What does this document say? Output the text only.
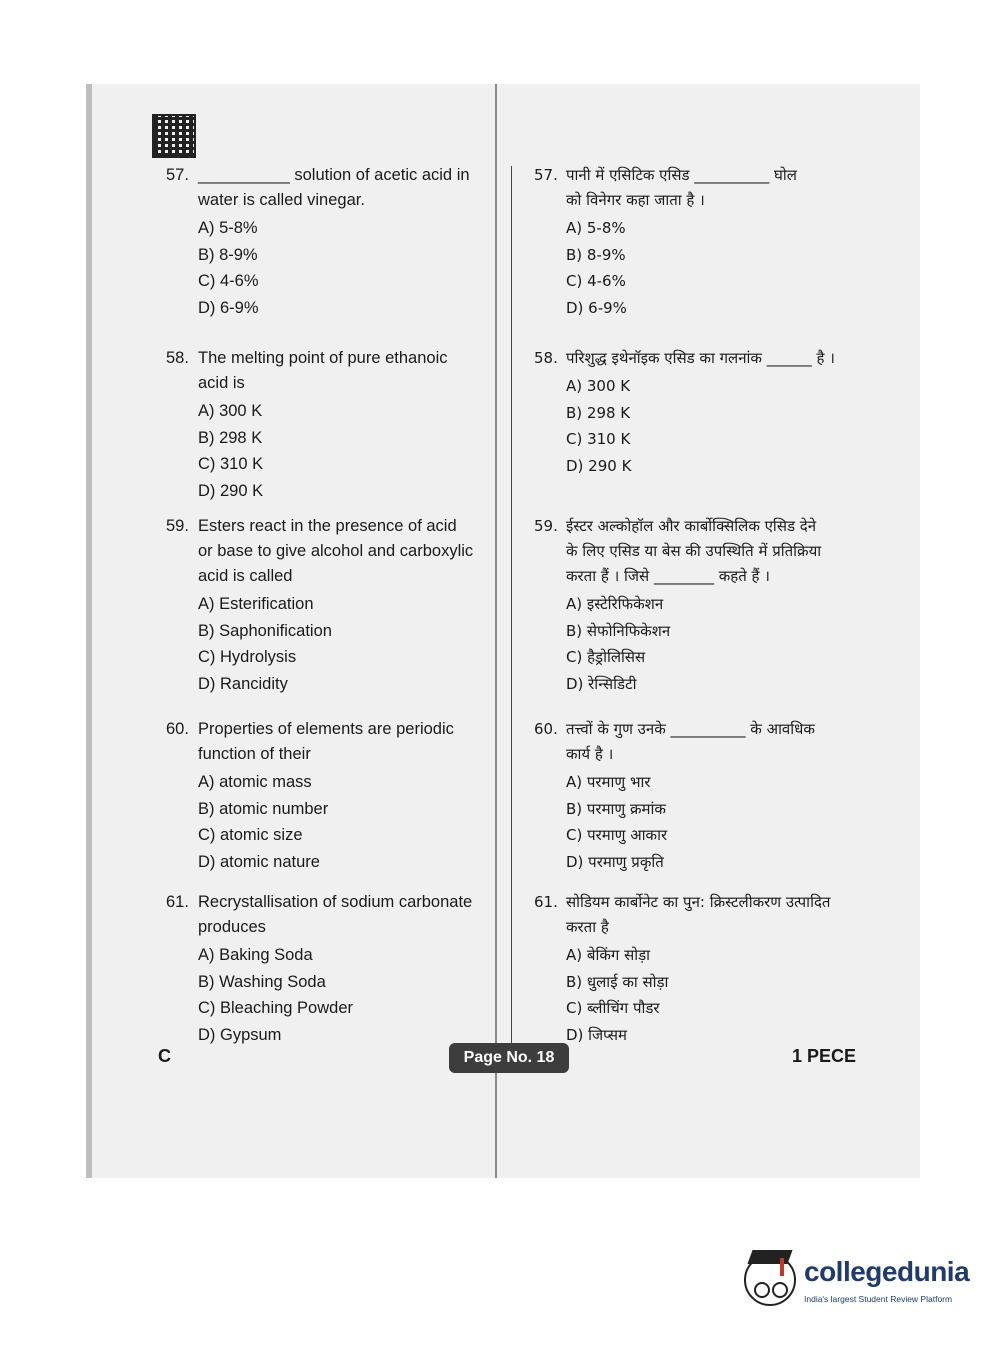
57. __________ solution of acetic acid in
water is called vinegar.
A) 5-8%
B) 8-9%
C) 4-6%
D) 6-9%
58. The melting point of pure ethanoic
acid is
A) 300 K
B) 298 K
C) 310 K
D) 290 K
59. Esters react in the presence of acid
or base to give alcohol and carboxylic
acid is called
A) Esterification
B) Saphonification
C) Hydrolysis
D) Rancidity
60. Properties of elements are periodic
function of their
A) atomic mass
B) atomic number
C) atomic size
D) atomic nature
61. Recrystallisation of sodium carbonate
produces
A) Baking Soda
B) Washing Soda
C) Bleaching Powder
D) Gypsum
57. पानी में एसिटिक एसिड __________ घोल
को विनेगर कहा जाता है ।
A) 5-8%
B) 8-9%
C) 4-6%
D) 6-9%
58. परिशुद्ध इथेनॉइक एसिड का गलनांक ______ है ।
A) 300 K
B) 298 K
C) 310 K
D) 290 K
59. ईस्टर अल्कोहॉल और कार्बोक्सिलिक एसिड देने
के लिए एसिड या बेस की उपस्थिति में प्रतिक्रिया
करता हैं । जिसे ________ कहते हैं ।
A) इस्टेरिफिकेशन
B) सेफोनिफिकेशन
C) हैड्रोलिसिस
D) रेन्सिडिटी
60. तत्त्वों के गुण उनके __________ के आवधिक
कार्य है ।
A) परमाणु भार
B) परमाणु क्रमांक
C) परमाणु आकार
D) परमाणु प्रकृति
61. सोडियम कार्बोनेट का पुन: क्रिस्टलीकरण उत्पादित
करता है
A) बेकिंग सोड़ा
B) धुलाई का सोड़ा
C) ब्लीचिंग पौडर
D) जिप्सम
C	Page No. 18	1 PECE
collegedunia
India's largest Student Review Platform
